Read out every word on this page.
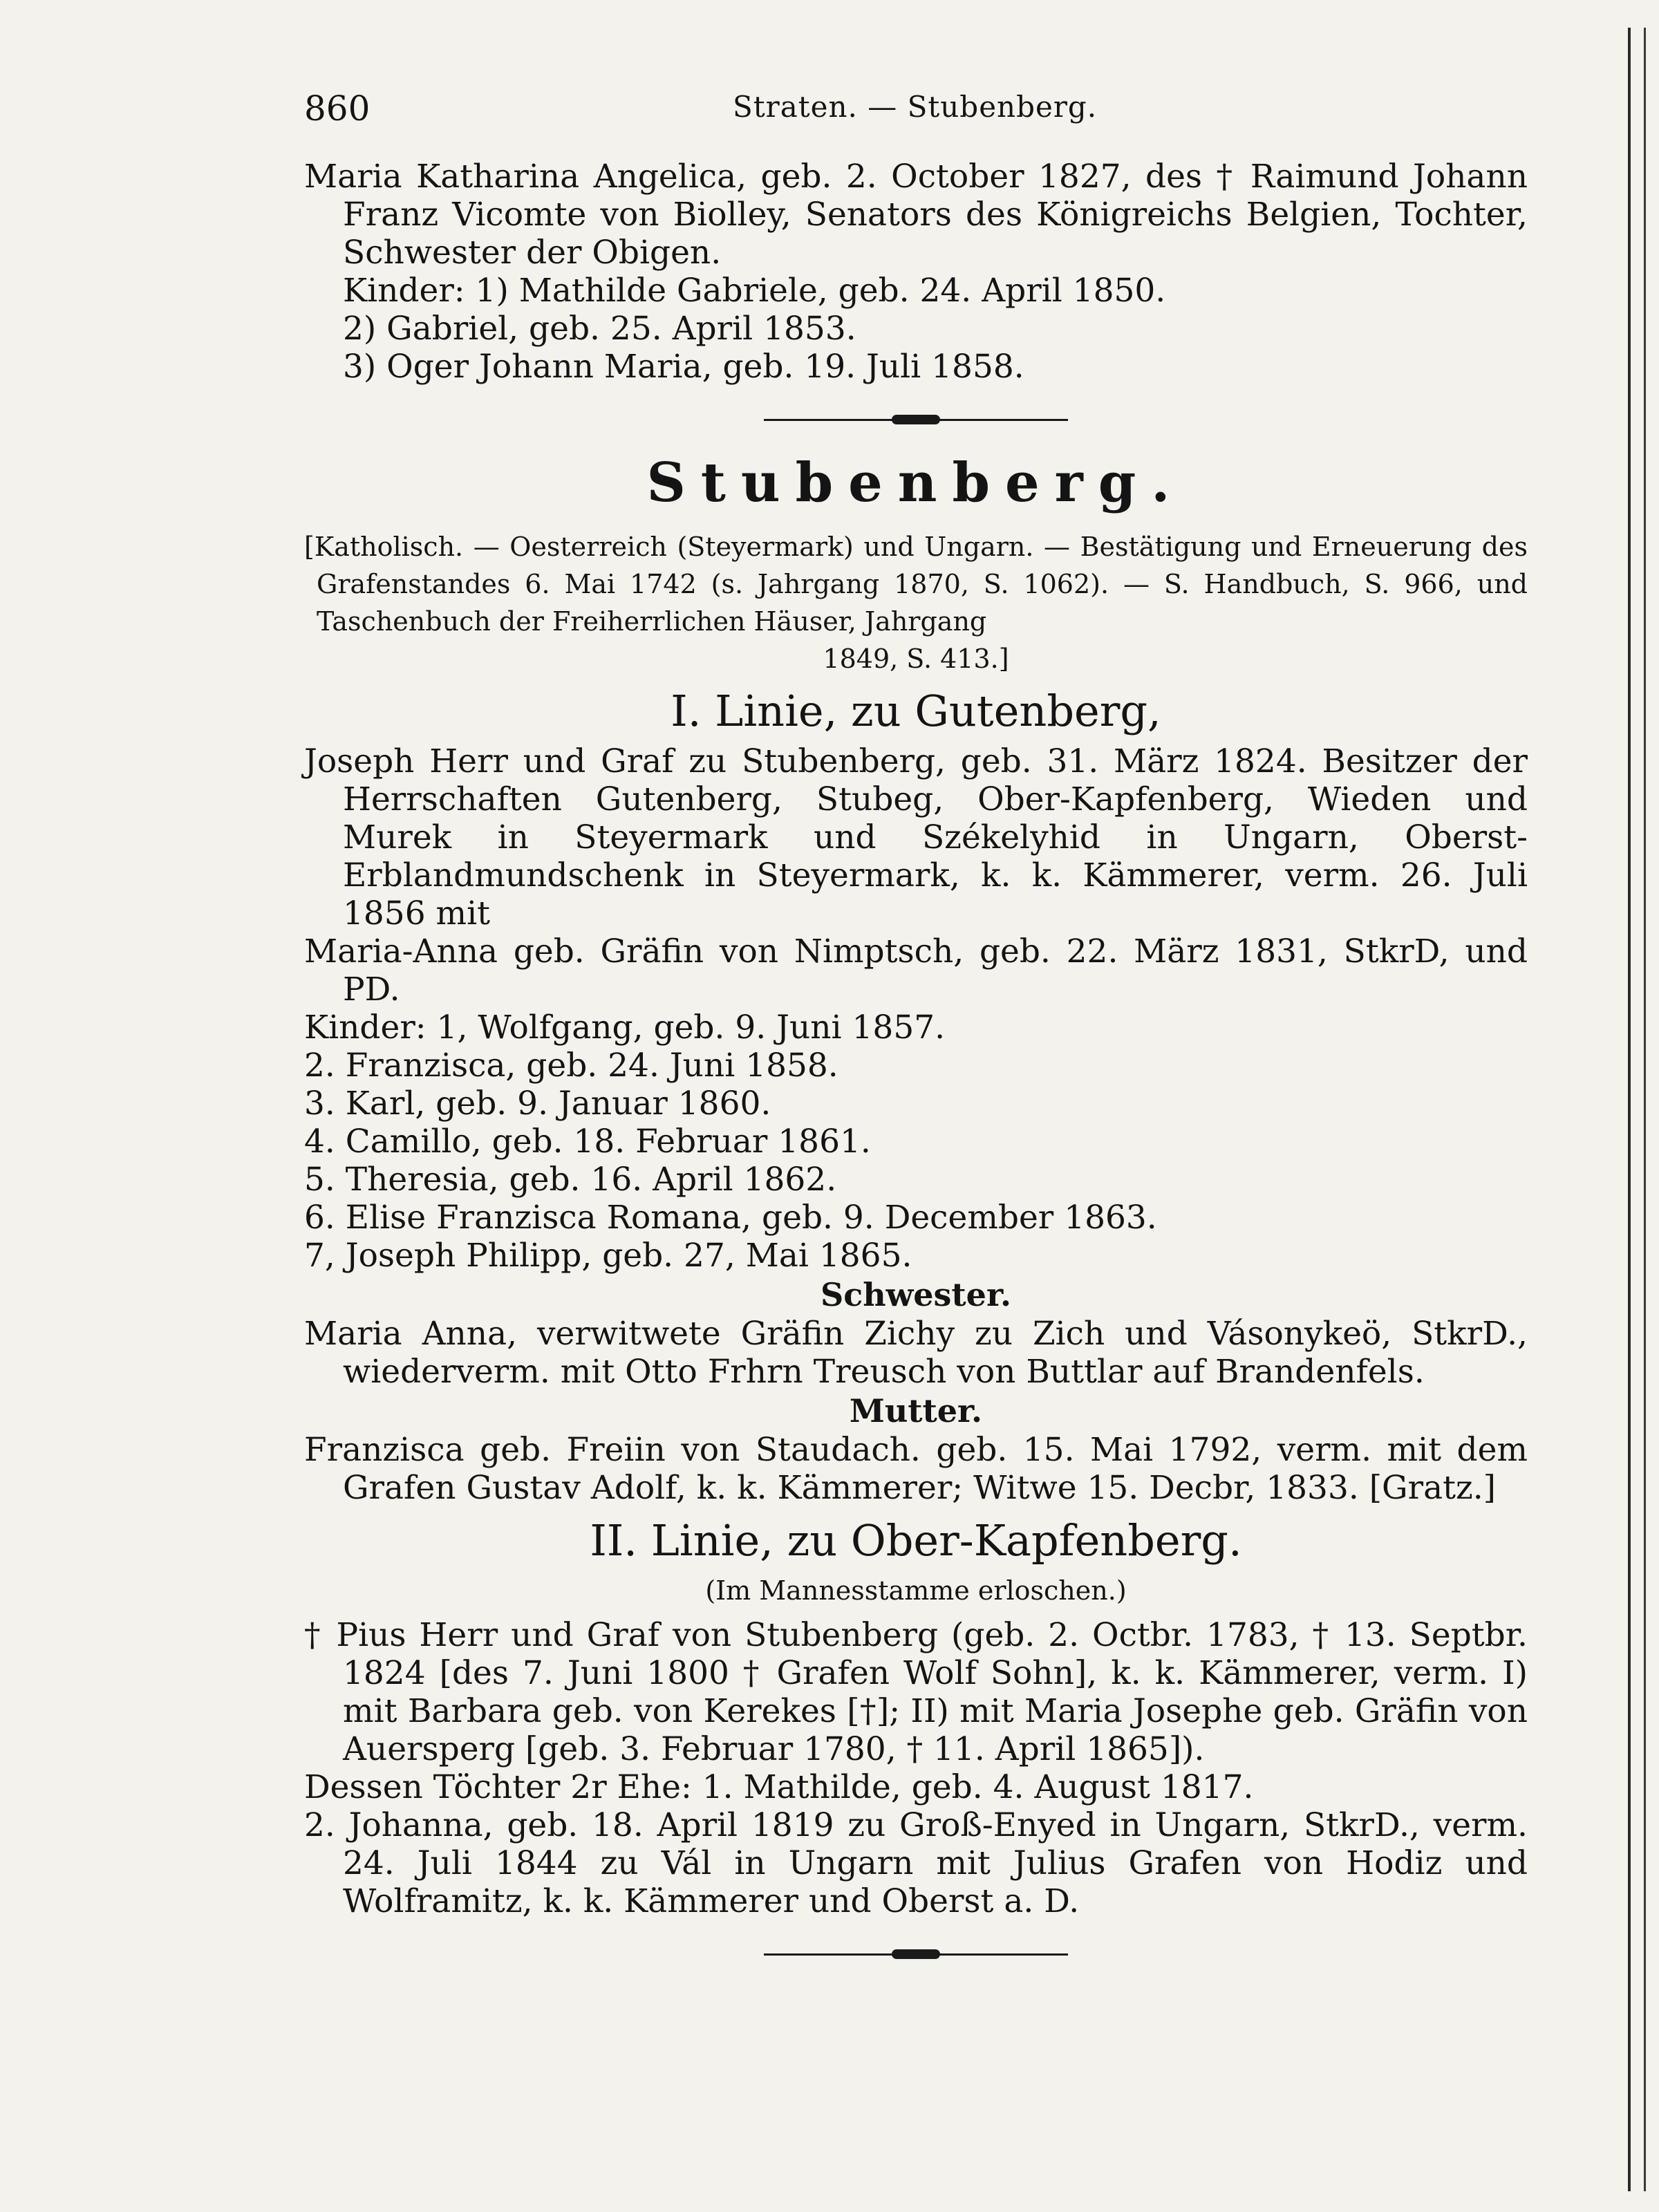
860	Straten. — Stubenberg.

Maria Katharina Angelica, geb. 2. October 1827, des † Raimund Johann Franz Vicomte von Biolley, Senators des Königreichs Belgien, Tochter, Schwester der Obigen.

Kinder: 1) Mathilde Gabriele, geb. 24. April 1850.

2) Gabriel, geb. 25. April 1853.

3) Oger Johann Maria, geb. 19. Juli 1858.

Stubenberg.

[Katholisch. — Oesterreich (Steyermark) und Ungarn. — Bestätigung und Erneuerung des Grafenstandes 6. Mai 1742 (s. Jahrgang 1870, S. 1062). — S. Handbuch, S. 966, und Taschenbuch der Freiherrlichen Häuser, Jahrgang
1849, S. 413.]

I. Linie, zu Gutenberg,

Joseph Herr und Graf zu Stubenberg, geb. 31. März 1824. Besitzer der Herrschaften Gutenberg, Stubeg, Ober-Kapfenberg, Wieden und Murek in Steyermark und Székelyhid in Ungarn, Oberst-Erblandmundschenk in Steyermark, k. k. Kämmerer, verm. 26. Juli 1856 mit

Maria-Anna geb. Gräfin von Nimptsch, geb. 22. März 1831, StkrD, und PD.

Kinder: 1, Wolfgang, geb. 9. Juni 1857.

2. Franzisca, geb. 24. Juni 1858.

3. Karl, geb. 9. Januar 1860.

4. Camillo, geb. 18. Februar 1861.

5. Theresia, geb. 16. April 1862.

6. Elise Franzisca Romana, geb. 9. December 1863.

7, Joseph Philipp, geb. 27, Mai 1865.

Schwester.

Maria Anna, verwitwete Gräfin Zichy zu Zich und Vásonykeö, StkrD., wiederverm. mit Otto Frhrn Treusch von Buttlar auf Brandenfels.

Mutter.

Franzisca geb. Freiin von Staudach. geb. 15. Mai 1792, verm. mit dem Grafen Gustav Adolf, k. k. Kämmerer; Witwe 15. Decbr, 1833. [Gratz.]

II. Linie, zu Ober-Kapfenberg.
(Im Mannesstamme erloschen.)

† Pius Herr und Graf von Stubenberg (geb. 2. Octbr. 1783, † 13. Septbr. 1824 [des 7. Juni 1800 † Grafen Wolf Sohn], k. k. Kämmerer, verm. I) mit Barbara geb. von Kerekes [†]; II) mit Maria Josephe geb. Gräfin von Auersperg [geb. 3. Februar 1780, † 11. April 1865]).

Dessen Töchter 2r Ehe: 1. Mathilde, geb. 4. August 1817.

2. Johanna, geb. 18. April 1819 zu Groß-Enyed in Ungarn, StkrD., verm. 24. Juli 1844 zu Vál in Ungarn mit Julius Grafen von Hodiz und Wolframitz, k. k. Kämmerer und Oberst a. D.
